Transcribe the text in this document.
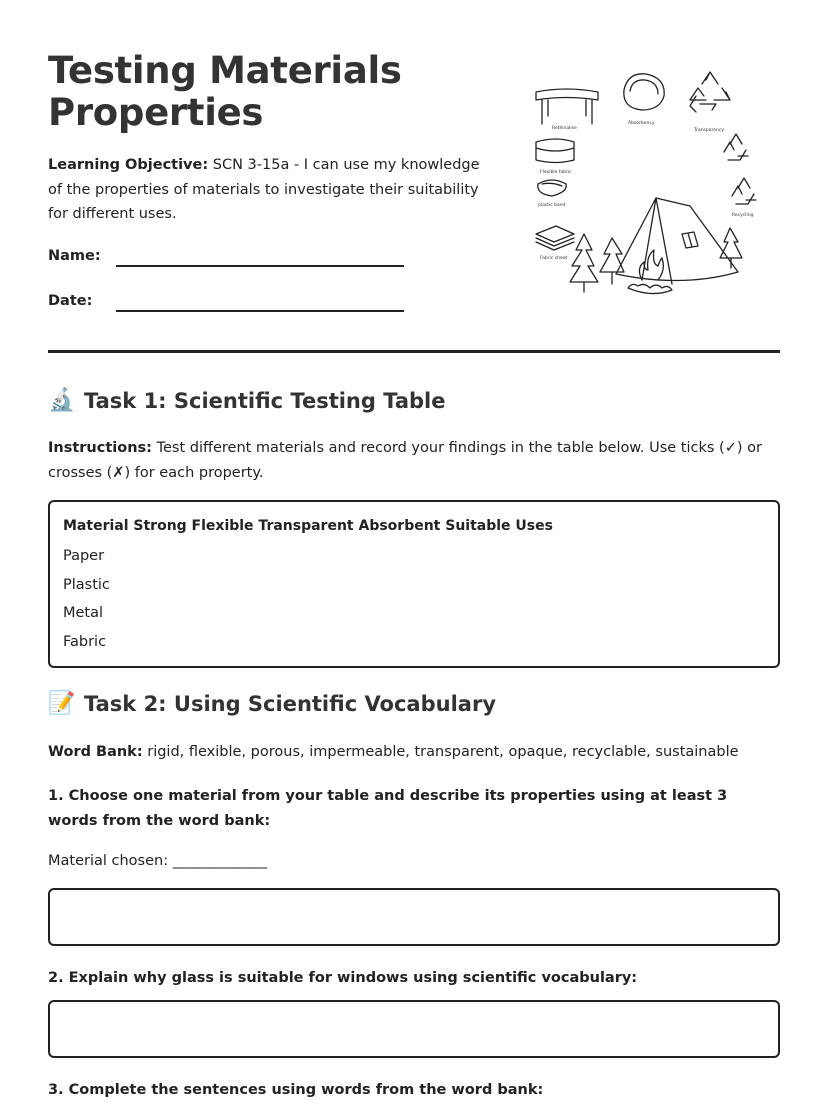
Testing Materials
Properties
Learning Objective: SCN 3-15a - I can use my knowledge of the properties of materials to investigate their suitability for different uses.
Name:
Date:
Rethinalise
Absorbency
Transparency
Recycling
Flexible fabric
plastic band
Fabric sheet
🔬 Task 1: Scientific Testing Table
Instructions: Test different materials and record your findings in the table below. Use ticks (✓) or crosses (✗) for each property.
Material Strong Flexible Transparent Absorbent Suitable Uses
Paper
Plastic
Metal
Fabric
📝 Task 2: Using Scientific Vocabulary
Word Bank: rigid, flexible, porous, impermeable, transparent, opaque, recyclable, sustainable
1. Choose one material from your table and describe its properties using at least 3 words from the word bank:
Material chosen: _____________
2. Explain why glass is suitable for windows using scientific vocabulary:
3. Complete the sentences using words from the word bank:
